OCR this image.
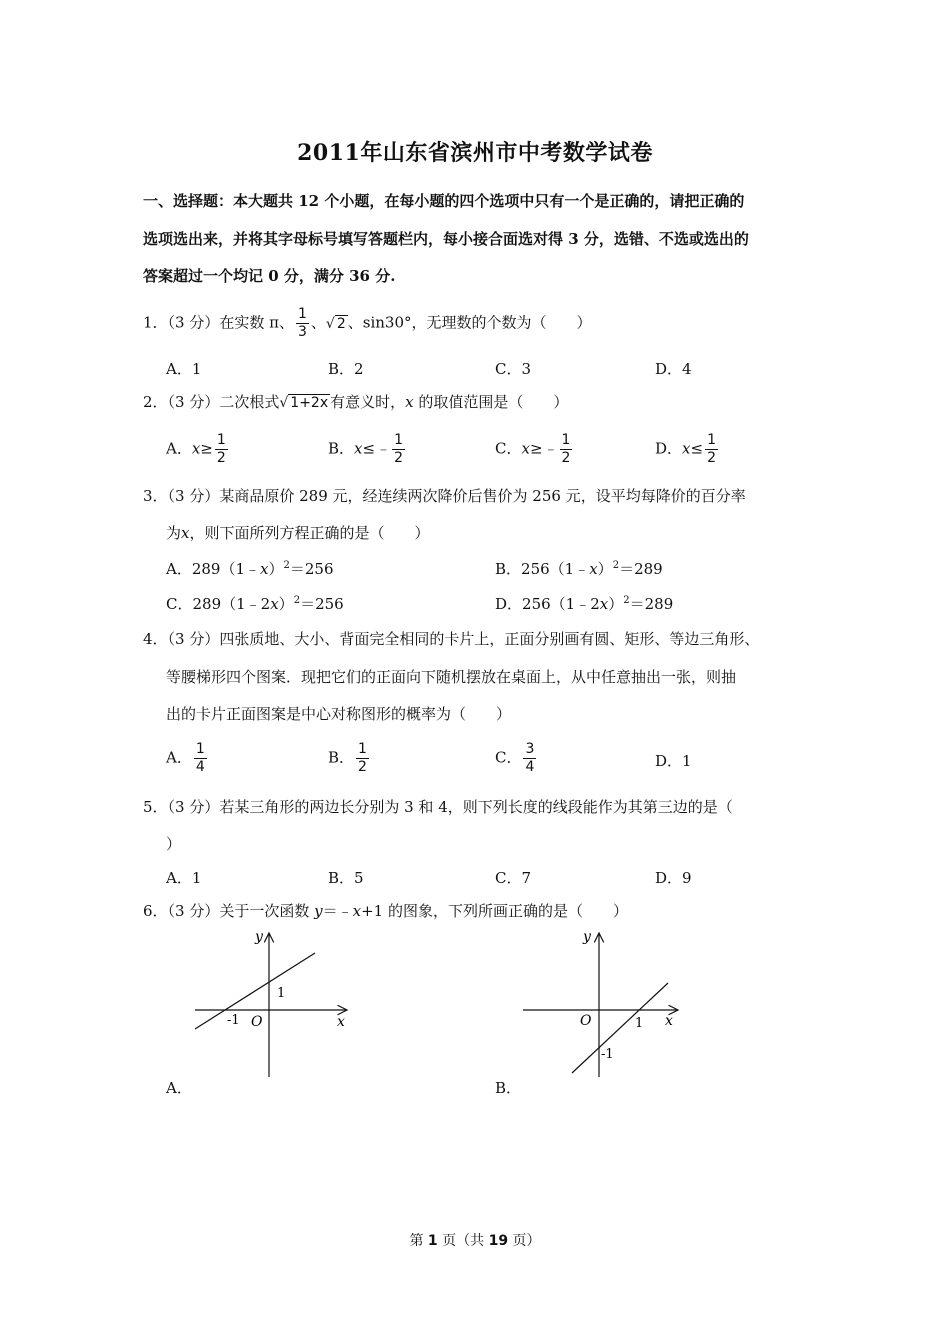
2011年山东省滨州市中考数学试卷
一、选择题：本大题共 12 个小题，在每小题的四个选项中只有一个是正确的，请把正确的
选项选出来，并将其字母标号填写答题栏内，每小接合面选对得 3 分，选错、不选或选出的
答案超过一个均记 0 分，满分 36 分.
1．（3 分）在实数 π、 $\frac{1}{3}$ 、√ 2 、sin30°，无理数的个数为（　　）
A．1	B．2	C．3	D．4
2．（3 分）二次根式√ 1+2x 有意义时，x 的取值范围是（　　）
A．$x\ge \frac{1}{2}$	B．x≤﹣ $\frac{1}{2}$	C．x≥﹣ $\frac{1}{2}$	D．$x\le \frac{1}{2}$
3．（3 分）某商品原价 289 元，经连续两次降价后售价为 256 元，设平均每降价的百分率
为x，则下面所列方程正确的是（　　）
A．289（1﹣x）$^2$＝256	B．256（1﹣x）$^2$＝289
C．289（1﹣2x）$^2$＝256	D．256（1﹣2x）$^2$＝289
4．（3 分）四张质地、大小、背面完全相同的卡片上，正面分别画有圆、矩形、等边三角形、
等腰梯形四个图案．现把它们的正面向下随机摆放在桌面上，从中任意抽出一张，则抽
出的卡片正面图案是中心对称图形的概率为（　　）
A． $\frac{1}{4}$	B． $\frac{1}{2}$	C． $\frac{3}{4}$	D．1
5．（3 分）若某三角形的两边长分别为 3 和 4，则下列长度的线段能作为其第三边的是（
）
A．1	B．5	C．7	D．9
6．（3 分）关于一次函数 y＝﹣x+1 的图象，下列所画正确的是（　　）
y
x
O
-1
1
A．
y
x
O	1
-1
B．
第 1 页（共 19 页）
